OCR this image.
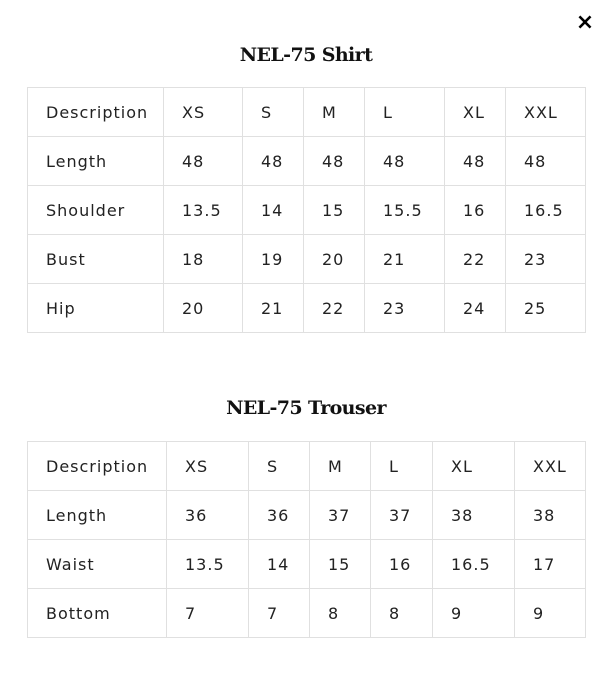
×
NEL-75 Shirt
Description	XS	S	M	L	XL	XXL
Length	48	48	48	48	48	48
Shoulder	13.5	14	15	15.5	16	16.5
Bust	18	19	20	21	22	23
Hip	20	21	22	23	24	25
NEL-75 Trouser
Description	XS	S	M	L	XL	XXL
Length	36	36	37	37	38	38
Waist	13.5	14	15	16	16.5	17
Bottom	7	7	8	8	9	9
